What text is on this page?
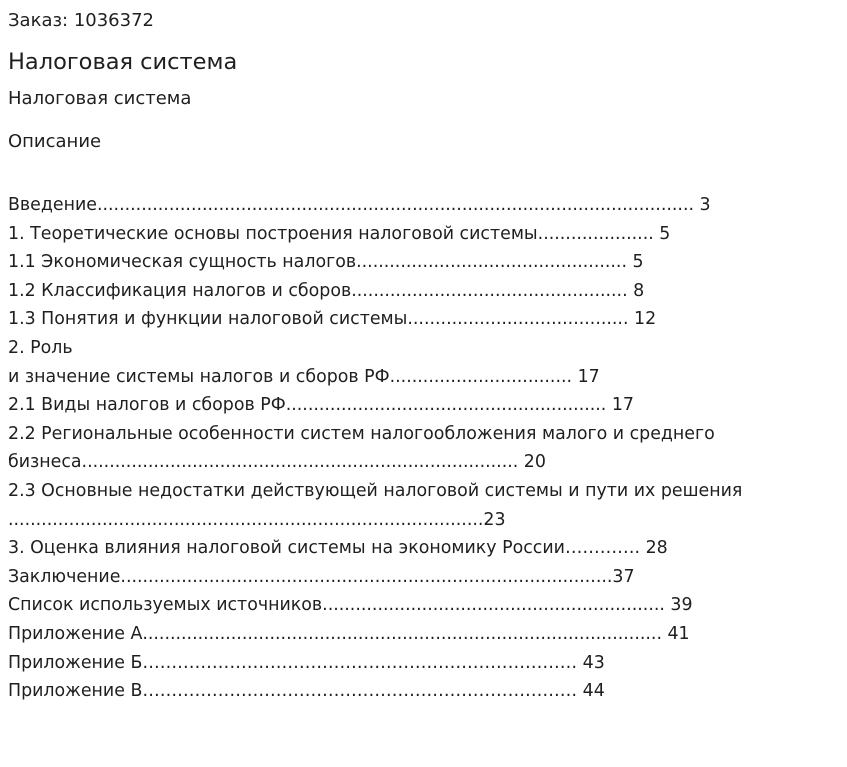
Заказ: 1036372
Налоговая система
Налоговая система
Описание
Введение............................................................................................................ 3
1. Теоретические основы построения налоговой системы..................... 5
1.1 Экономическая сущность налогов................................................. 5
1.2 Классификация налогов и сборов.................................................. 8
1.3 Понятия и функции налоговой системы........................................ 12
2. Роль
и значение системы налогов и сборов РФ................................. 17
2.1 Виды налогов и сборов РФ.......................................................... 17
2.2 Региональные особенности систем налогообложения малого и среднего
бизнеса............................................................................... 20
2.3 Основные недостатки действующей налоговой системы и пути их решения
......................................................................................23
3. Оценка влияния налоговой системы на экономику России…………. 28
Заключение.........................................................................................37
Список используемых источников.............................................................. 39
Приложение А.............................................................................................. 41
Приложение Б………………………………………………………………… 43
Приложение В………………………………………………………………… 44
